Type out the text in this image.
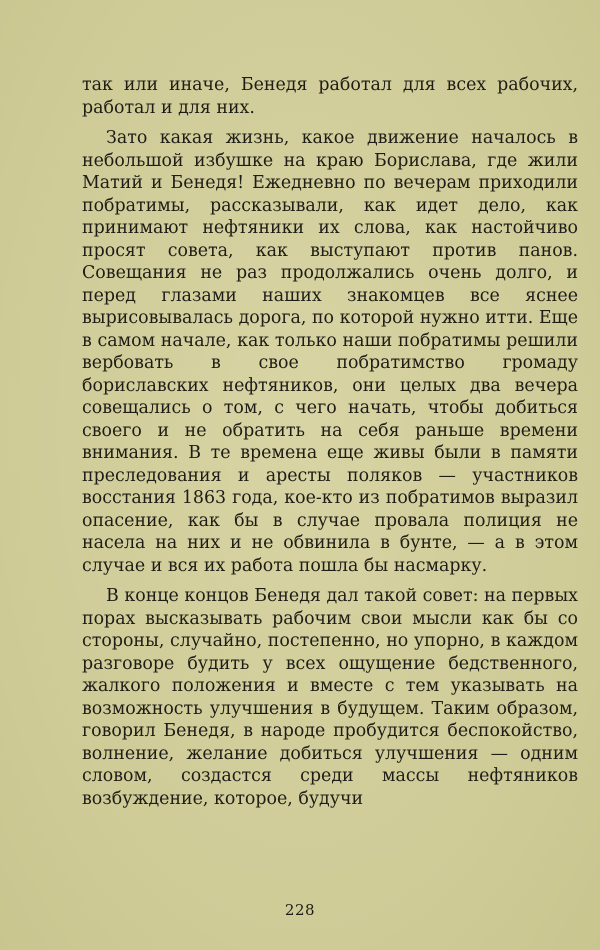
так или иначе, Бенедя работал для всех рабочих, работал и для них.

Зато какая жизнь, какое движение началось в небольшой избушке на краю Борислава, где жили Матий и Бенедя! Ежедневно по вечерам приходили побратимы, рассказывали, как идет дело, как принимают нефтяники их слова, как настойчиво просят совета, как выступают против панов. Совещания не раз продолжались очень долго, и перед глазами наших знакомцев все яснее вырисовывалась дорога, по которой нужно итти. Еще в самом начале, как только наши побратимы решили вербовать в свое побратимство громаду бориславских нефтяников, они целых два вечера совещались о том, с чего начать, чтобы добиться своего и не обратить на себя раньше времени внимания. В те времена еще живы были в памяти преследования и аресты поляков — участников восстания 1863 года, кое-кто из побратимов выразил опасение, как бы в случае провала полиция не насела на них и не обвинила в бунте, — а в этом случае и вся их работа пошла бы насмарку.

В конце концов Бенедя дал такой совет: на первых порах высказывать рабочим свои мысли как бы со стороны, случайно, постепенно, но упорно, в каждом разговоре будить у всех ощущение бедственного, жалкого положения и вместе с тем указывать на возможность улучшения в будущем. Таким образом, говорил Бенедя, в народе пробудится беспокойство, волнение, желание добиться улучшения — одним словом, создастся среди массы нефтяников возбуждение, которое, будучи

228
